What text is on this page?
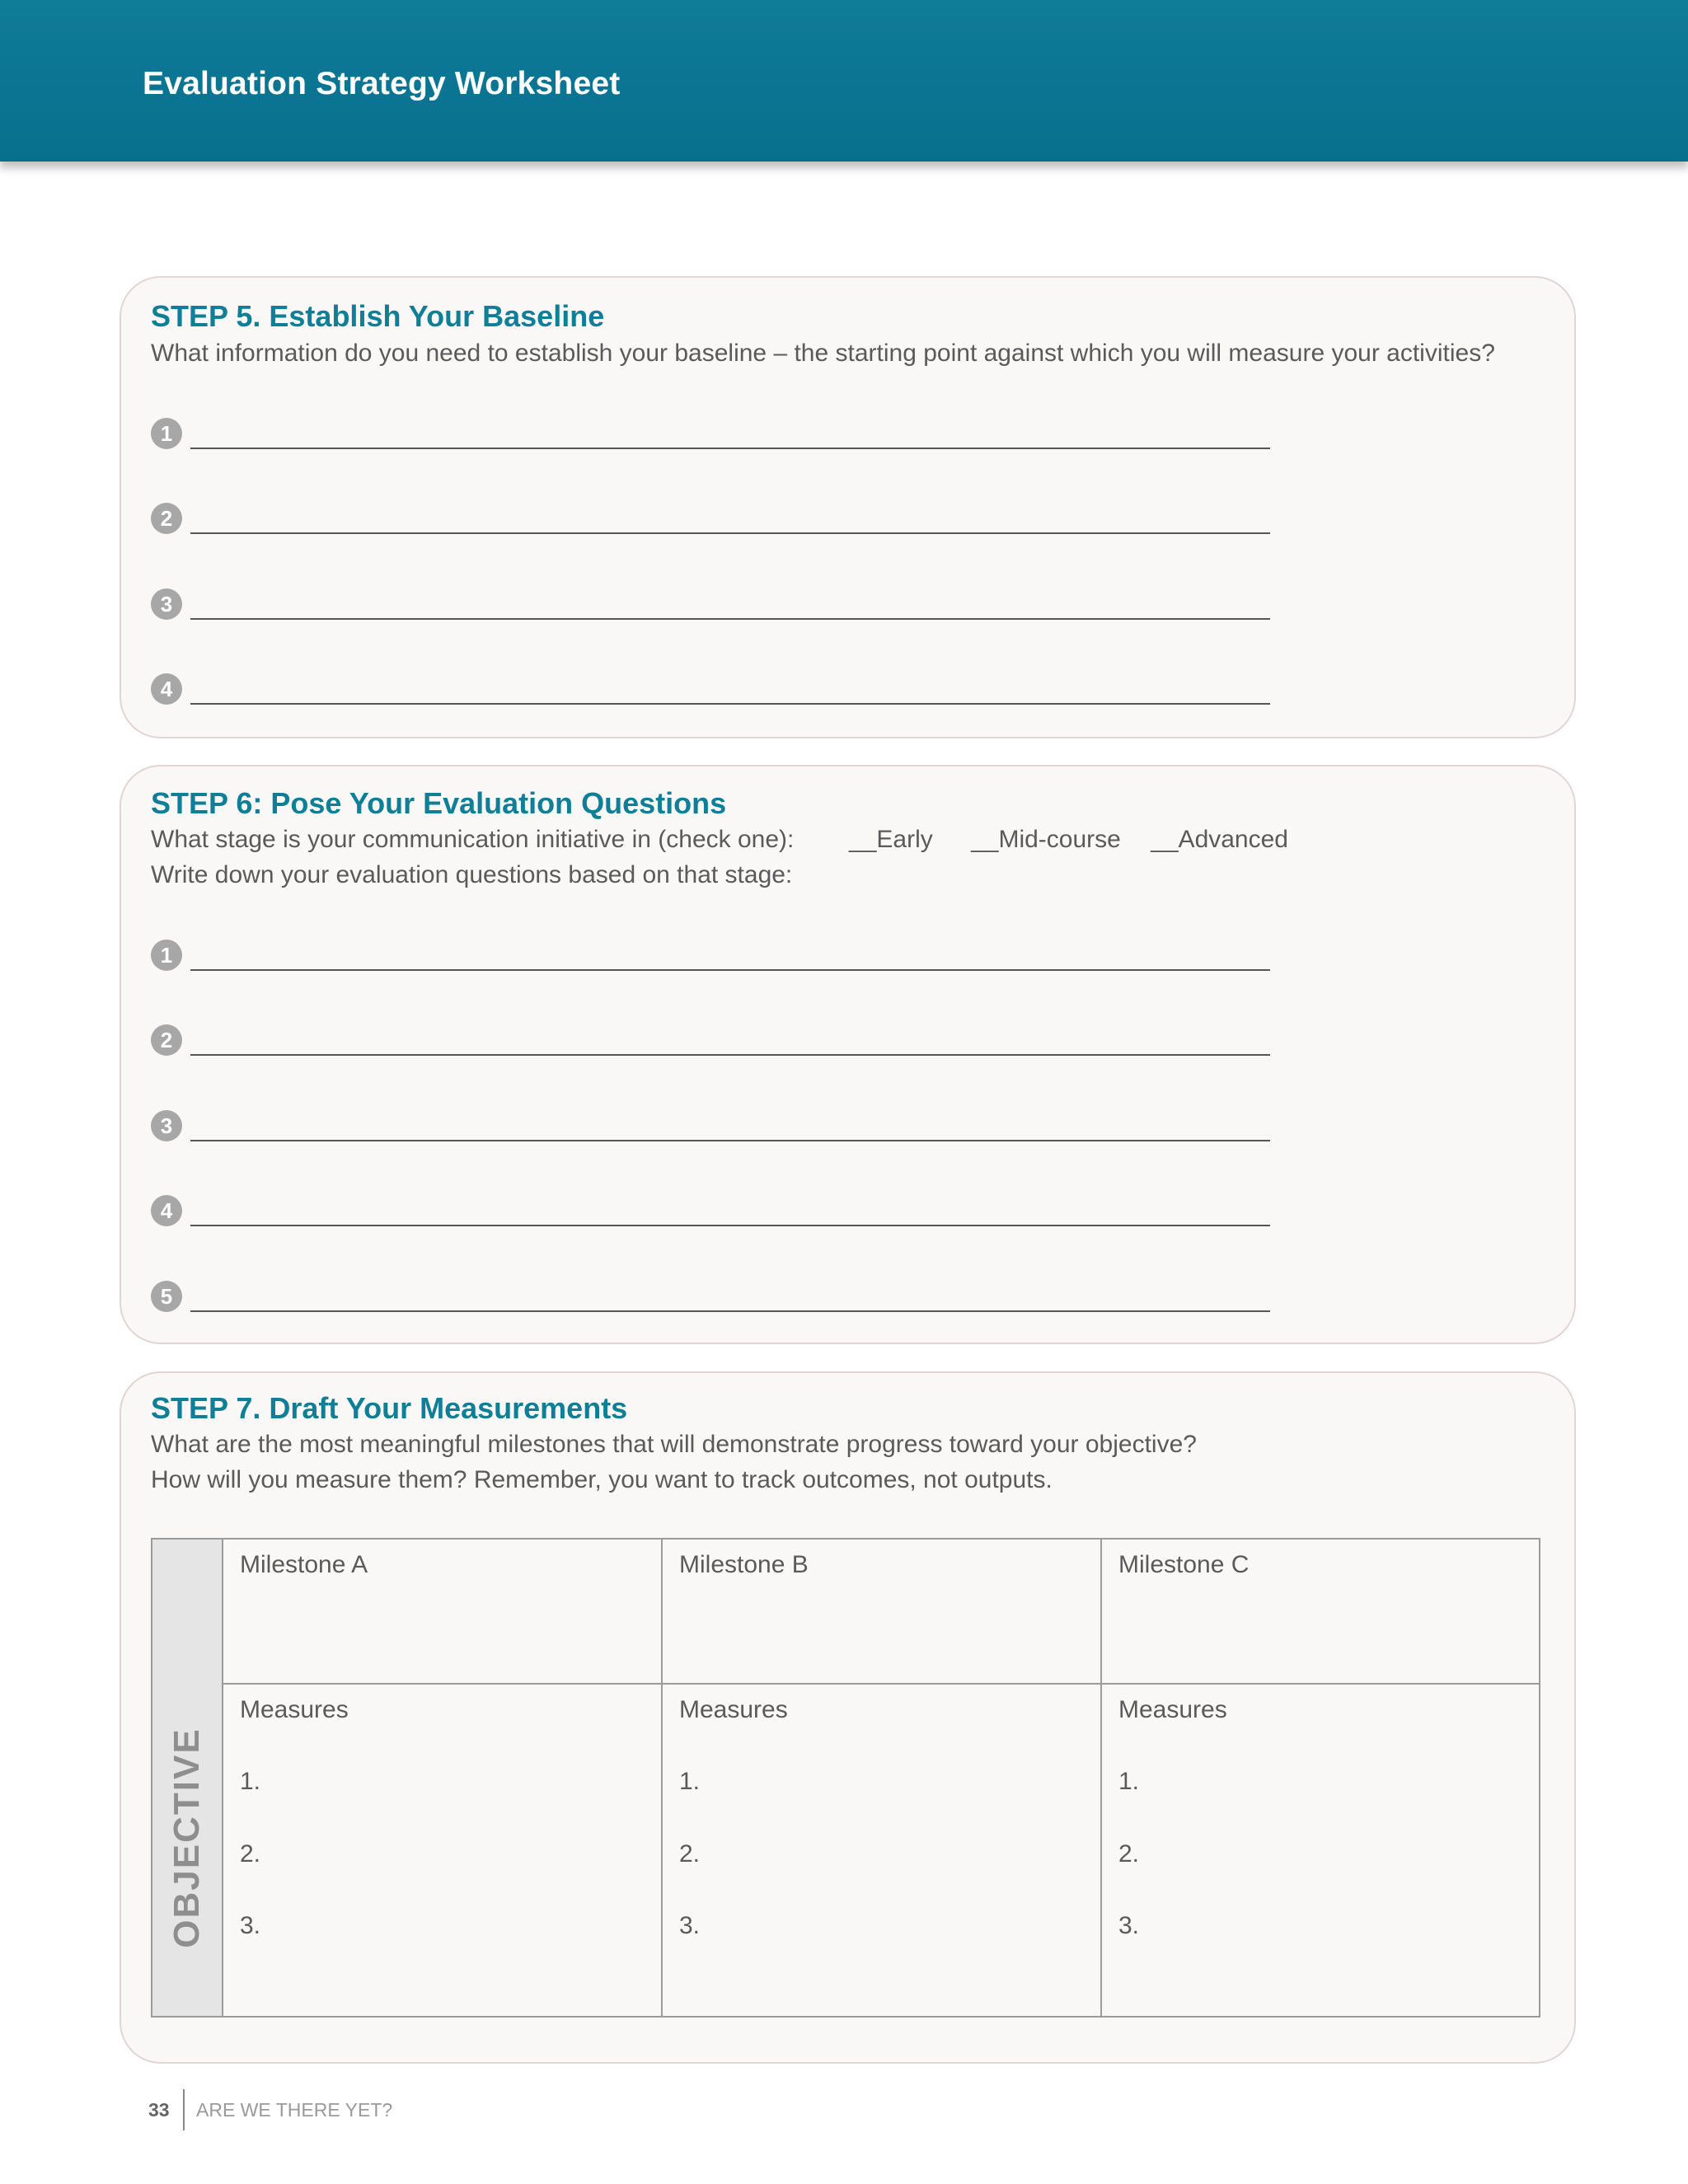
Evaluation Strategy Worksheet
STEP 5. Establish Your Baseline
What information do you need to establish your baseline – the starting point against which you will measure your activities?
1
2
3
4
STEP 6: Pose Your Evaluation Questions
What stage is your communication initiative in (check one): __Early __Mid-course __Advanced
Write down your evaluation questions based on that stage:
1
2
3
4
5
STEP 7. Draft Your Measurements
What are the most meaningful milestones that will demonstrate progress toward your objective?
How will you measure them? Remember, you want to track outcomes, not outputs.
OBJECTIVE
Milestone A	Milestone B	Milestone C
Measures
1.
2.
3.
Measures
1.
2.
3.
Measures
1.
2.
3.
33 ARE WE THERE YET?
